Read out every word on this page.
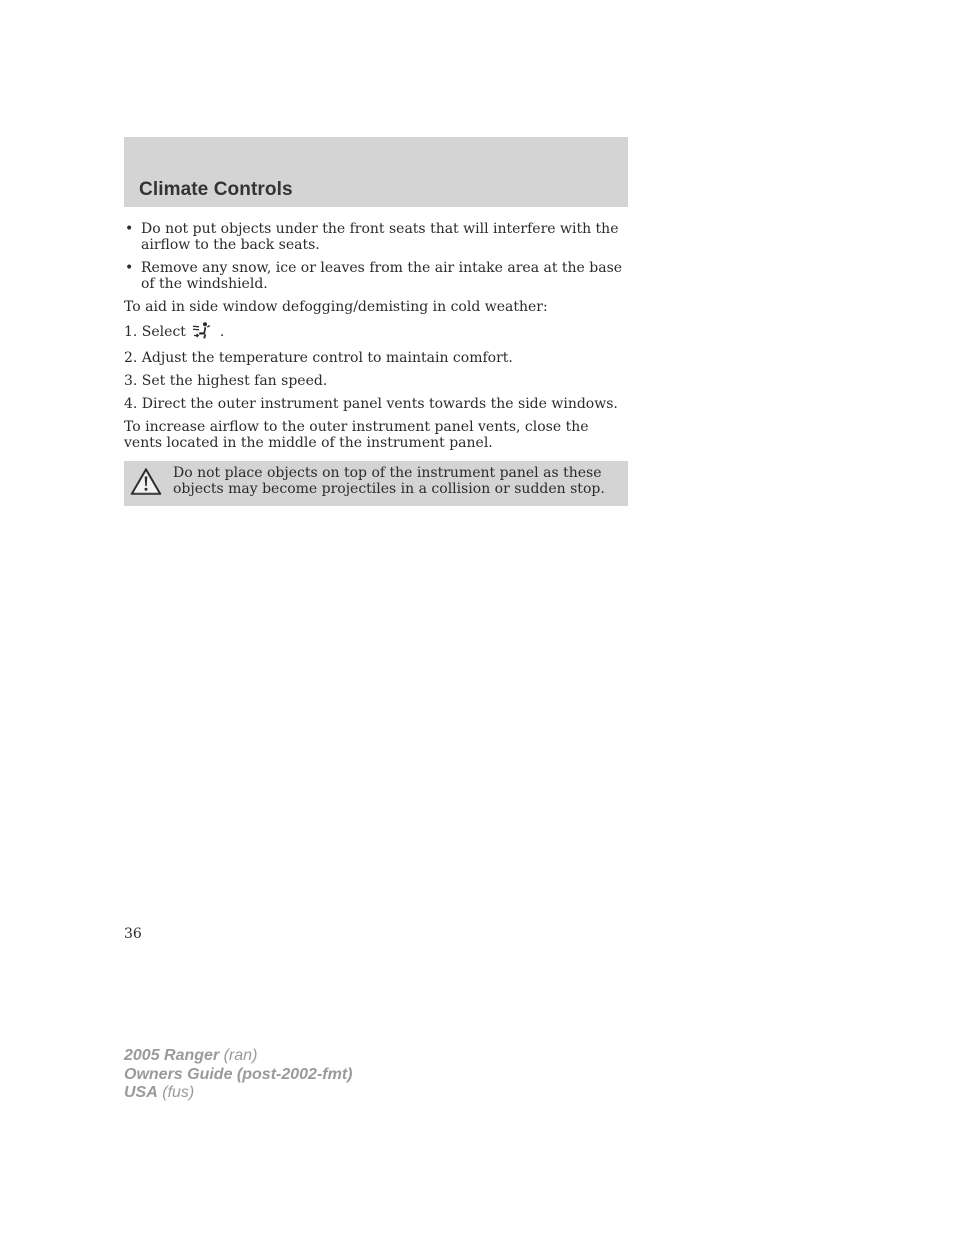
Climate Controls
• Do not put objects under the front seats that will interfere with the airflow to the back seats.
• Remove any snow, ice or leaves from the air intake area at the base of the windshield.

To aid in side window defogging/demisting in cold weather:

1. Select .

2. Adjust the temperature control to maintain comfort.

3. Set the highest fan speed.

4. Direct the outer instrument panel vents towards the side windows.

To increase airflow to the outer instrument panel vents, close the vents located in the middle of the instrument panel.

Do not place objects on top of the instrument panel as these objects may become projectiles in a collision or sudden stop.

36
2005 Ranger (ran)
Owners Guide (post-2002-fmt)
USA (fus)
